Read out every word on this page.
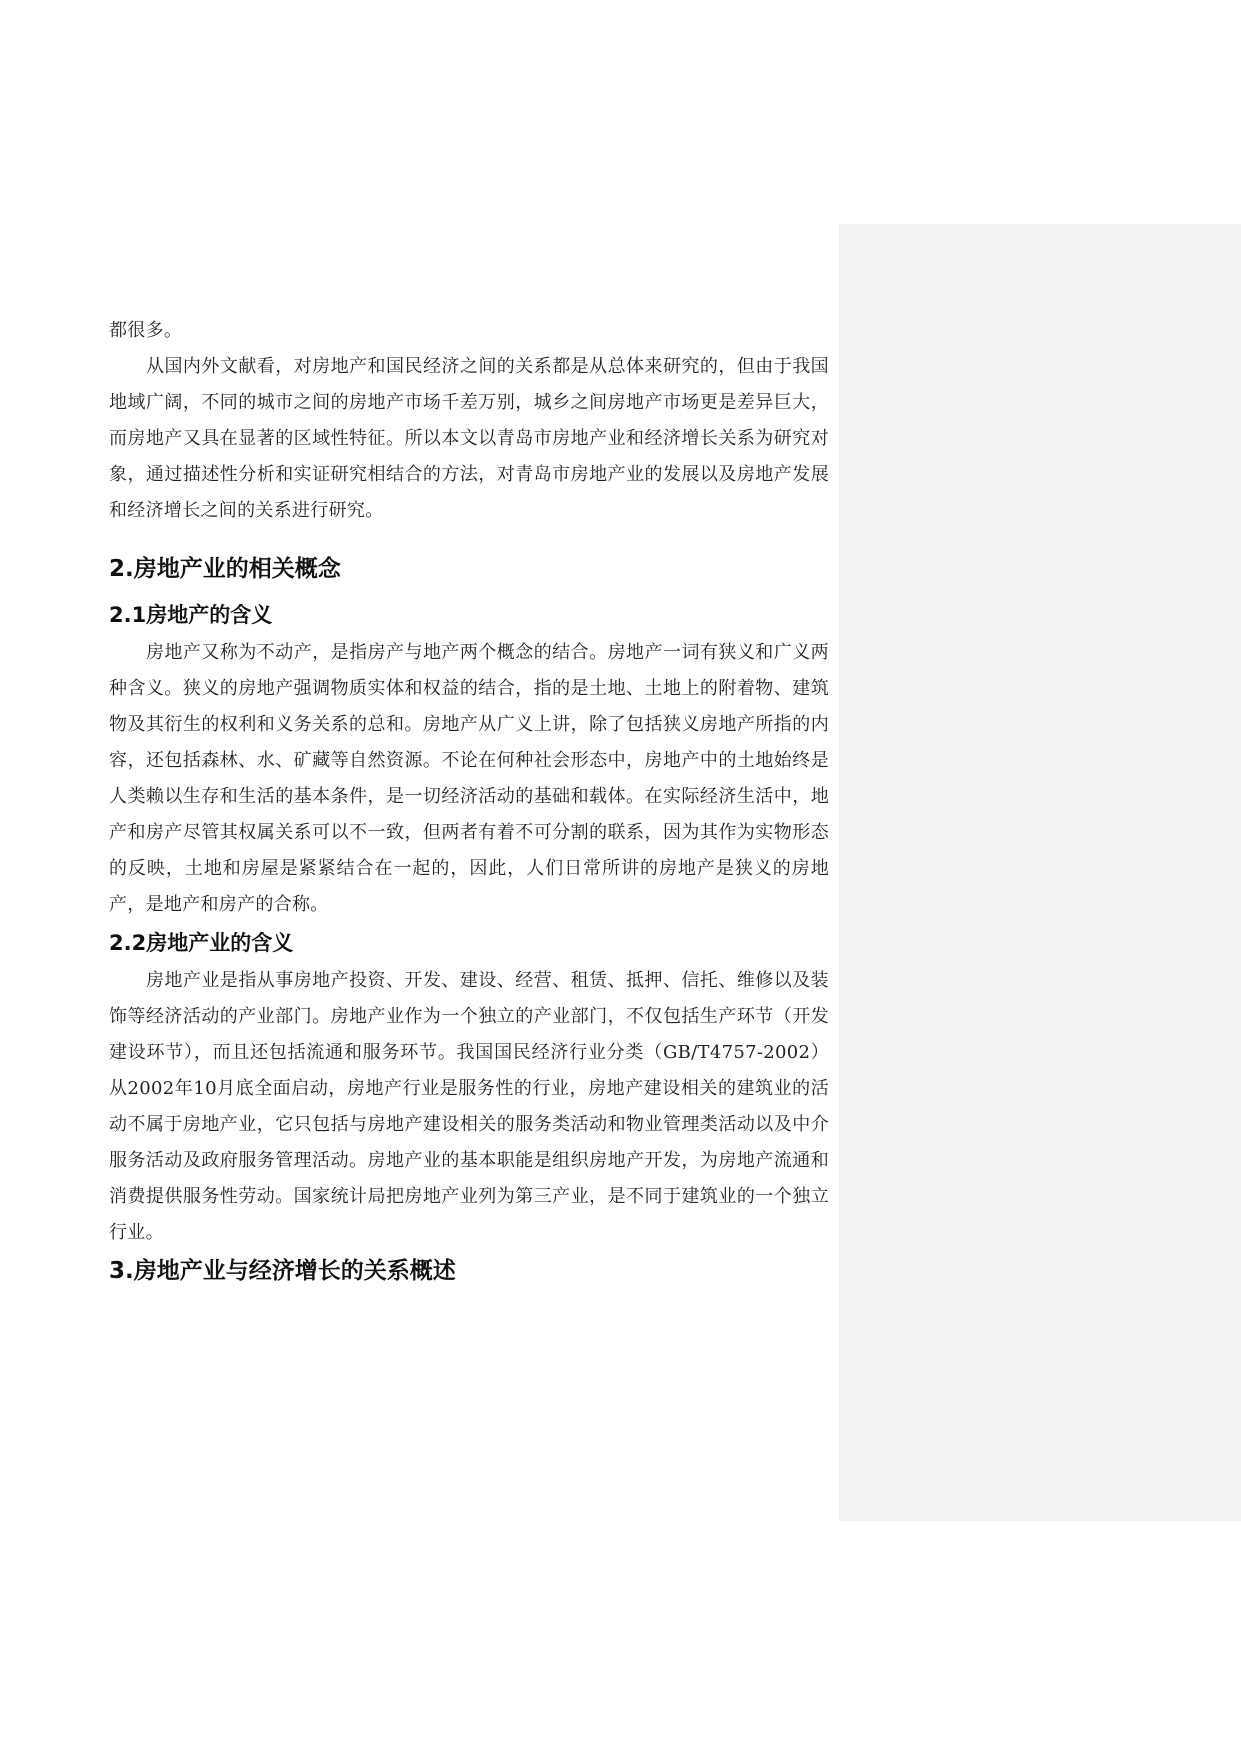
都很多。

从国内外文献看，对房地产和国民经济之间的关系都是从总体来研究的，但由于我国地域广阔，不同的城市之间的房地产市场千差万别，城乡之间房地产市场更是差异巨大，而房地产又具在显著的区域性特征。所以本文以青岛市房地产业和经济增长关系为研究对象，通过描述性分析和实证研究相结合的方法，对青岛市房地产业的发展以及房地产发展和经济增长之间的关系进行研究。

2.房地产业的相关概念
2.1房地产的含义

房地产又称为不动产，是指房产与地产两个概念的结合。房地产一词有狭义和广义两种含义。狭义的房地产强调物质实体和权益的结合，指的是土地、土地上的附着物、建筑物及其衍生的权利和义务关系的总和。房地产从广义上讲，除了包括狭义房地产所指的内容，还包括森林、水、矿藏等自然资源。不论在何种社会形态中，房地产中的土地始终是人类赖以生存和生活的基本条件，是一切经济活动的基础和载体。在实际经济生活中，地产和房产尽管其权属关系可以不一致，但两者有着不可分割的联系，因为其作为实物形态的反映，土地和房屋是紧紧结合在一起的，因此，人们日常所讲的房地产是狭义的房地产，是地产和房产的合称。

2.2房地产业的含义

房地产业是指从事房地产投资、开发、建设、经营、租赁、抵押、信托、维修以及装饰等经济活动的产业部门。房地产业作为一个独立的产业部门，不仅包括生产环节（开发建设环节），而且还包括流通和服务环节。我国国民经济行业分类（GB/T4757-2002）从2002年10月底全面启动，房地产行业是服务性的行业，房地产建设相关的建筑业的活动不属于房地产业，它只包括与房地产建设相关的服务类活动和物业管理类活动以及中介服务活动及政府服务管理活动。房地产业的基本职能是组织房地产开发，为房地产流通和消费提供服务性劳动。国家统计局把房地产业列为第三产业，是不同于建筑业的一个独立行业。

3.房地产业与经济增长的关系概述
